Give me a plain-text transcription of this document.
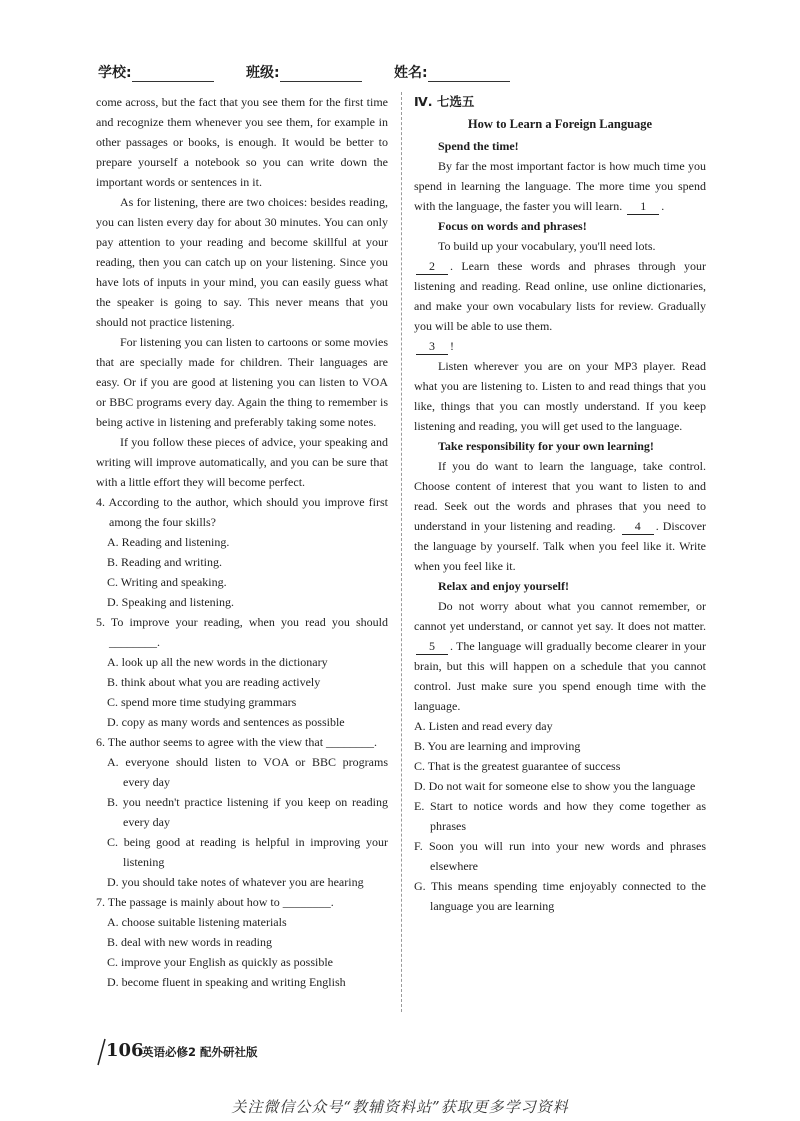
学校:	班级:	姓名:

come across, but the fact that you see them for the first time and recognize them whenever you see them, for example in other passages or books, is enough. It would be better to prepare yourself a notebook so you can write down the important words or sentences in it.

As for listening, there are two choices: besides reading, you can listen every day for about 30 minutes. You can only pay attention to your reading and become skillful at your reading, then you can catch up on your listening. Since you have lots of inputs in your mind, you can easily guess what the speaker is going to say. This never means that you should not practice listening.

For listening you can listen to cartoons or some movies that are specially made for children. Their languages are easy. Or if you are good at listening you can listen to VOA or BBC programs every day. Again the thing to remember is being active in listening and preferably taking some notes.

If you follow these pieces of advice, your speaking and writing will improve automatically, and you can be sure that with a little effort they will become perfect.

4. According to the author, which should you improve first among the four skills?

A. Reading and listening.

B. Reading and writing.

C. Writing and speaking.

D. Speaking and listening.

5. To improve your reading, when you read you should ________.

A. look up all the new words in the dictionary

B. think about what you are reading actively

C. spend more time studying grammars

D. copy as many words and sentences as possible

6. The author seems to agree with the view that ________.

A. everyone should listen to VOA or BBC programs every day

B. you needn't practice listening if you keep on reading every day

C. being good at reading is helpful in improving your listening

D. you should take notes of whatever you are hearing

7. The passage is mainly about how to ________.

A. choose suitable listening materials

B. deal with new words in reading

C. improve your English as quickly as possible

D. become fluent in speaking and writing English

Ⅳ. 七选五
How to Learn a Foreign Language

Spend the time!

By far the most important factor is how much time you spend in learning the language. The more time you spend with the language, the faster you will learn. 1 .

Focus on words and phrases!

To build up your vocabulary, you'll need lots.

2 . Learn these words and phrases through your listening and reading. Read online, use online dictionaries, and make your own vocabulary lists for review. Gradually you will be able to use them.

3 !

Listen wherever you are on your MP3 player. Read what you are listening to. Listen to and read things that you like, things that you can mostly understand. If you keep listening and reading, you will get used to the language.

Take responsibility for your own learning!

If you do want to learn the language, take control. Choose content of interest that you want to listen to and read. Seek out the words and phrases that you need to understand in your listening and reading. 4 . Discover the language by yourself. Talk when you feel like it. Write when you feel like it.

Relax and enjoy yourself!

Do not worry about what you cannot remember, or cannot yet understand, or cannot yet say. It does not matter. 5 . The language will gradually become clearer in your brain, but this will happen on a schedule that you cannot control. Just make sure you spend enough time with the language.

A. Listen and read every day

B. You are learning and improving

C. That is the greatest guarantee of success

D. Do not wait for someone else to show you the language

E. Start to notice words and how they come together as phrases

F. Soon you will run into your new words and phrases elsewhere

G. This means spending time enjoyably connected to the language you are learning

106
英语必修2 配外研社版
关注微信公众号“教辅资料站”获取更多学习资料
